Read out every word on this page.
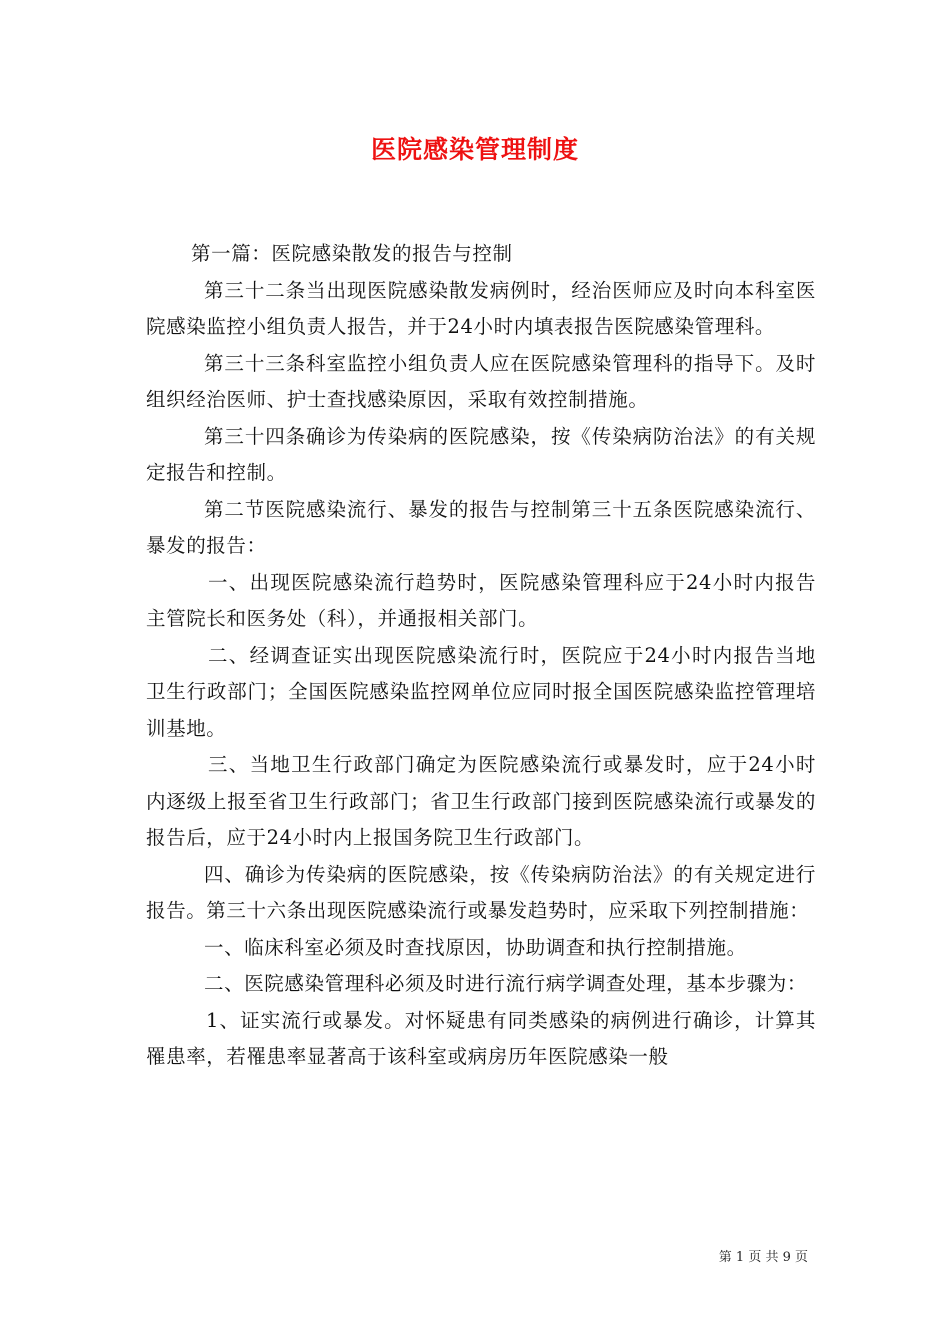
医院感染管理制度

第一篇：医院感染散发的报告与控制

第三十二条当出现医院感染散发病例时，经治医师应及时向本科室医院感染监控小组负责人报告，并于24小时内填表报告医院感染管理科。

第三十三条科室监控小组负责人应在医院感染管理科的指导下。及时组织经治医师、护士查找感染原因，采取有效控制措施。

第三十四条确诊为传染病的医院感染，按《传染病防治法》的有关规定报告和控制。

第二节医院感染流行、暴发的报告与控制第三十五条医院感染流行、暴发的报告：

一、出现医院感染流行趋势时，医院感染管理科应于24小时内报告主管院长和医务处（科），并通报相关部门。

二、经调查证实出现医院感染流行时，医院应于24小时内报告当地卫生行政部门；全国医院感染监控网单位应同时报全国医院感染监控管理培训基地。

三、当地卫生行政部门确定为医院感染流行或暴发时，应于24小时内逐级上报至省卫生行政部门；省卫生行政部门接到医院感染流行或暴发的报告后，应于24小时内上报国务院卫生行政部门。

四、确诊为传染病的医院感染，按《传染病防治法》的有关规定进行报告。第三十六条出现医院感染流行或暴发趋势时，应采取下列控制措施：

一、临床科室必须及时查找原因，协助调查和执行控制措施。

二、医院感染管理科必须及时进行流行病学调查处理，基本步骤为：

1、证实流行或暴发。对怀疑患有同类感染的病例进行确诊，计算其罹患率，若罹患率显著高于该科室或病房历年医院感染一般

第 1 页 共 9 页
